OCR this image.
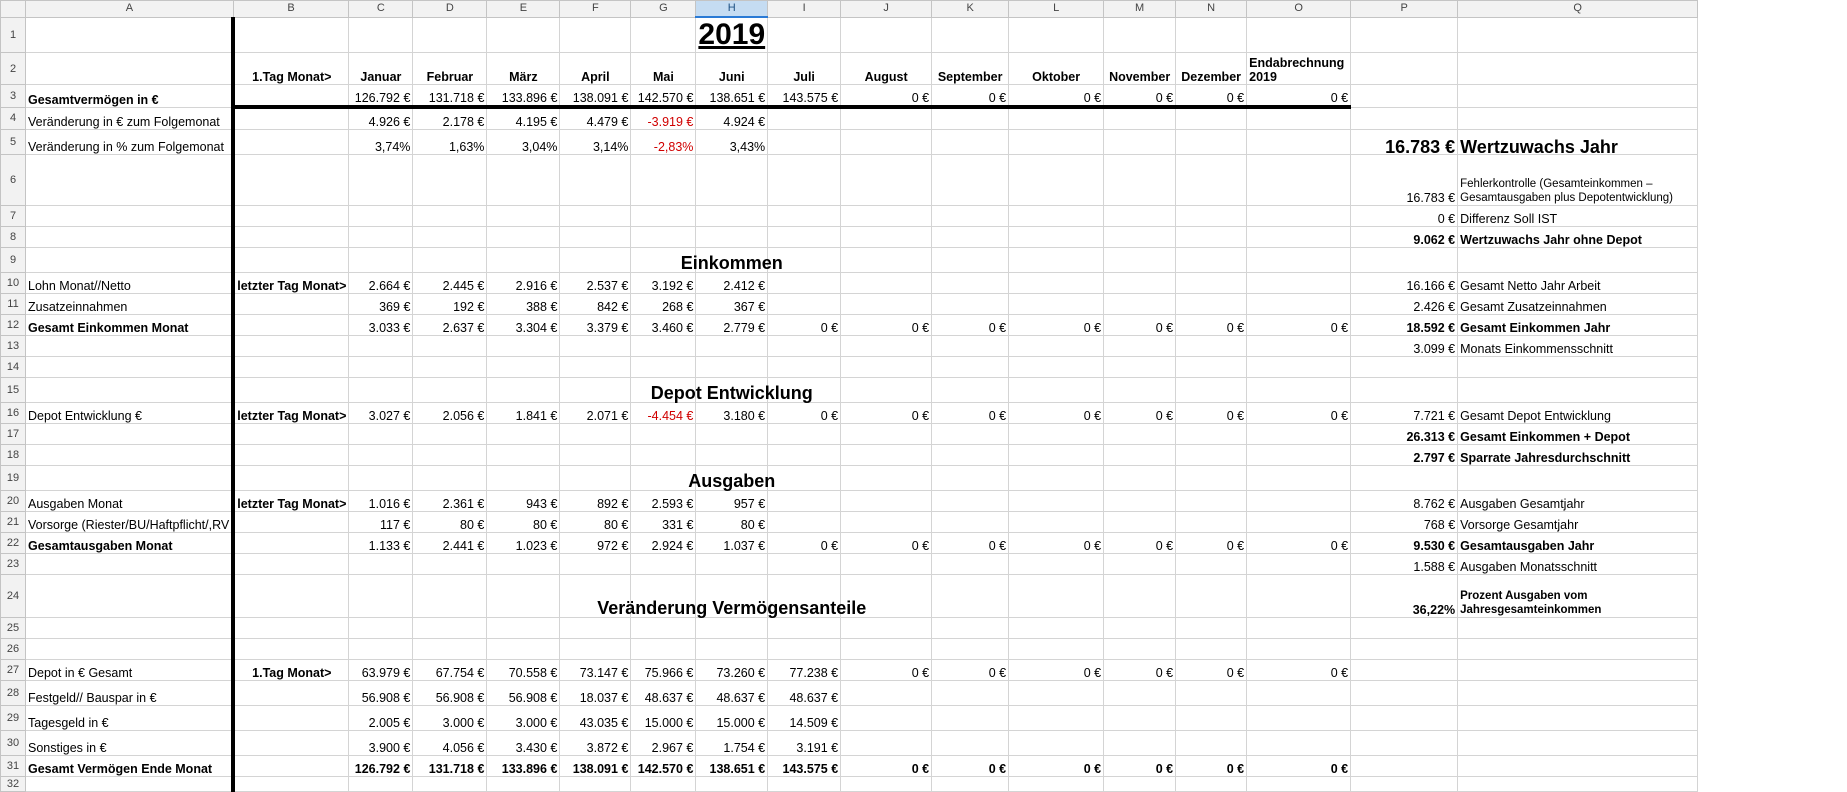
	A	B	C	D	E	F	G	H	I	J	K	L	M	N	O	P	Q
1								2019									
2		1.Tag Monat>	Januar	Februar	März	April	Mai	Juni	Juli	August	September	Oktober	November	Dezember	Endabrechnung 2019		
3	Gesamtvermögen in €		126.792 €	131.718 €	133.896 €	138.091 €	142.570 €	138.651 €	143.575 €	0 €	0 €	0 €	0 €	0 €	0 €		
4	Veränderung in € zum Folgemonat		4.926 €	2.178 €	4.195 €	4.479 €	-3.919 €	4.924 €									
5	Veränderung in % zum Folgemonat		3,74%	1,63%	3,04%	3,14%	-2,83%	3,43%								16.783 €	Wertzuwachs Jahr
6																16.783 €	Fehlerkontrolle (Gesamteinkommen – Gesamtausgaben plus Depotentwicklung)
7																0 €	Differenz Soll IST
8																9.062 €	Wertzuwachs Jahr ohne Depot
9								Einkommen									

10	Lohn Monat//Netto	letzter Tag Monat>	2.664 €	2.445 €	2.916 €	2.537 €	3.192 €	2.412 €								16.166 €	Gesamt Netto Jahr Arbeit
11	Zusatzeinnahmen		369 €	192 €	388 €	842 €	268 €	367 €								2.426 €	Gesamt Zusatzeinnahmen
12	Gesamt Einkommen Monat		3.033 €	2.637 €	3.304 €	3.379 €	3.460 €	2.779 €	0 €	0 €	0 €	0 €	0 €	0 €	0 €	18.592 €	Gesamt Einkommen Jahr
13																3.099 €	Monats Einkommensschnitt
14																	
15								Depot Entwicklung									

16	Depot Entwicklung €	letzter Tag Monat>	3.027 €	2.056 €	1.841 €	2.071 €	-4.454 €	3.180 €	0 €	0 €	0 €	0 €	0 €	0 €	0 €	7.721 €	Gesamt Depot Entwicklung
17																26.313 €	Gesamt Einkommen + Depot
18																2.797 €	Sparrate Jahresdurchschnitt
19								Ausgaben									

20	Ausgaben Monat	letzter Tag Monat>	1.016 €	2.361 €	943 €	892 €	2.593 €	957 €								8.762 €	Ausgaben Gesamtjahr
21	Vorsorge (Riester/BU/Haftpflicht/,RV		117 €	80 €	80 €	80 €	331 €	80 €								768 €	Vorsorge Gesamtjahr
22	Gesamtausgaben Monat		1.133 €	2.441 €	1.023 €	972 €	2.924 €	1.037 €	0 €	0 €	0 €	0 €	0 €	0 €	0 €	9.530 €	Gesamtausgaben Jahr
23																1.588 €	Ausgaben Monatsschnitt
24								Veränderung Vermögensanteile								36,22%	Prozent Ausgaben vom Jahresgesamteinkommen
25																	
26																	
27	Depot in € Gesamt	1.Tag Monat>	63.979 €	67.754 €	70.558 €	73.147 €	75.966 €	73.260 €	77.238 €	0 €	0 €	0 €	0 €	0 €	0 €		
28	Festgeld// Bauspar in €		56.908 €	56.908 €	56.908 €	18.037 €	48.637 €	48.637 €	48.637 €								
29	Tagesgeld in €		2.005 €	3.000 €	3.000 €	43.035 €	15.000 €	15.000 €	14.509 €								
30	Sonstiges in €		3.900 €	4.056 €	3.430 €	3.872 €	2.967 €	1.754 €	3.191 €								
31	Gesamt Vermögen Ende Monat		126.792 €	131.718 €	133.896 €	138.091 €	142.570 €	138.651 €	143.575 €	0 €	0 €	0 €	0 €	0 €	0 €		
32																	
